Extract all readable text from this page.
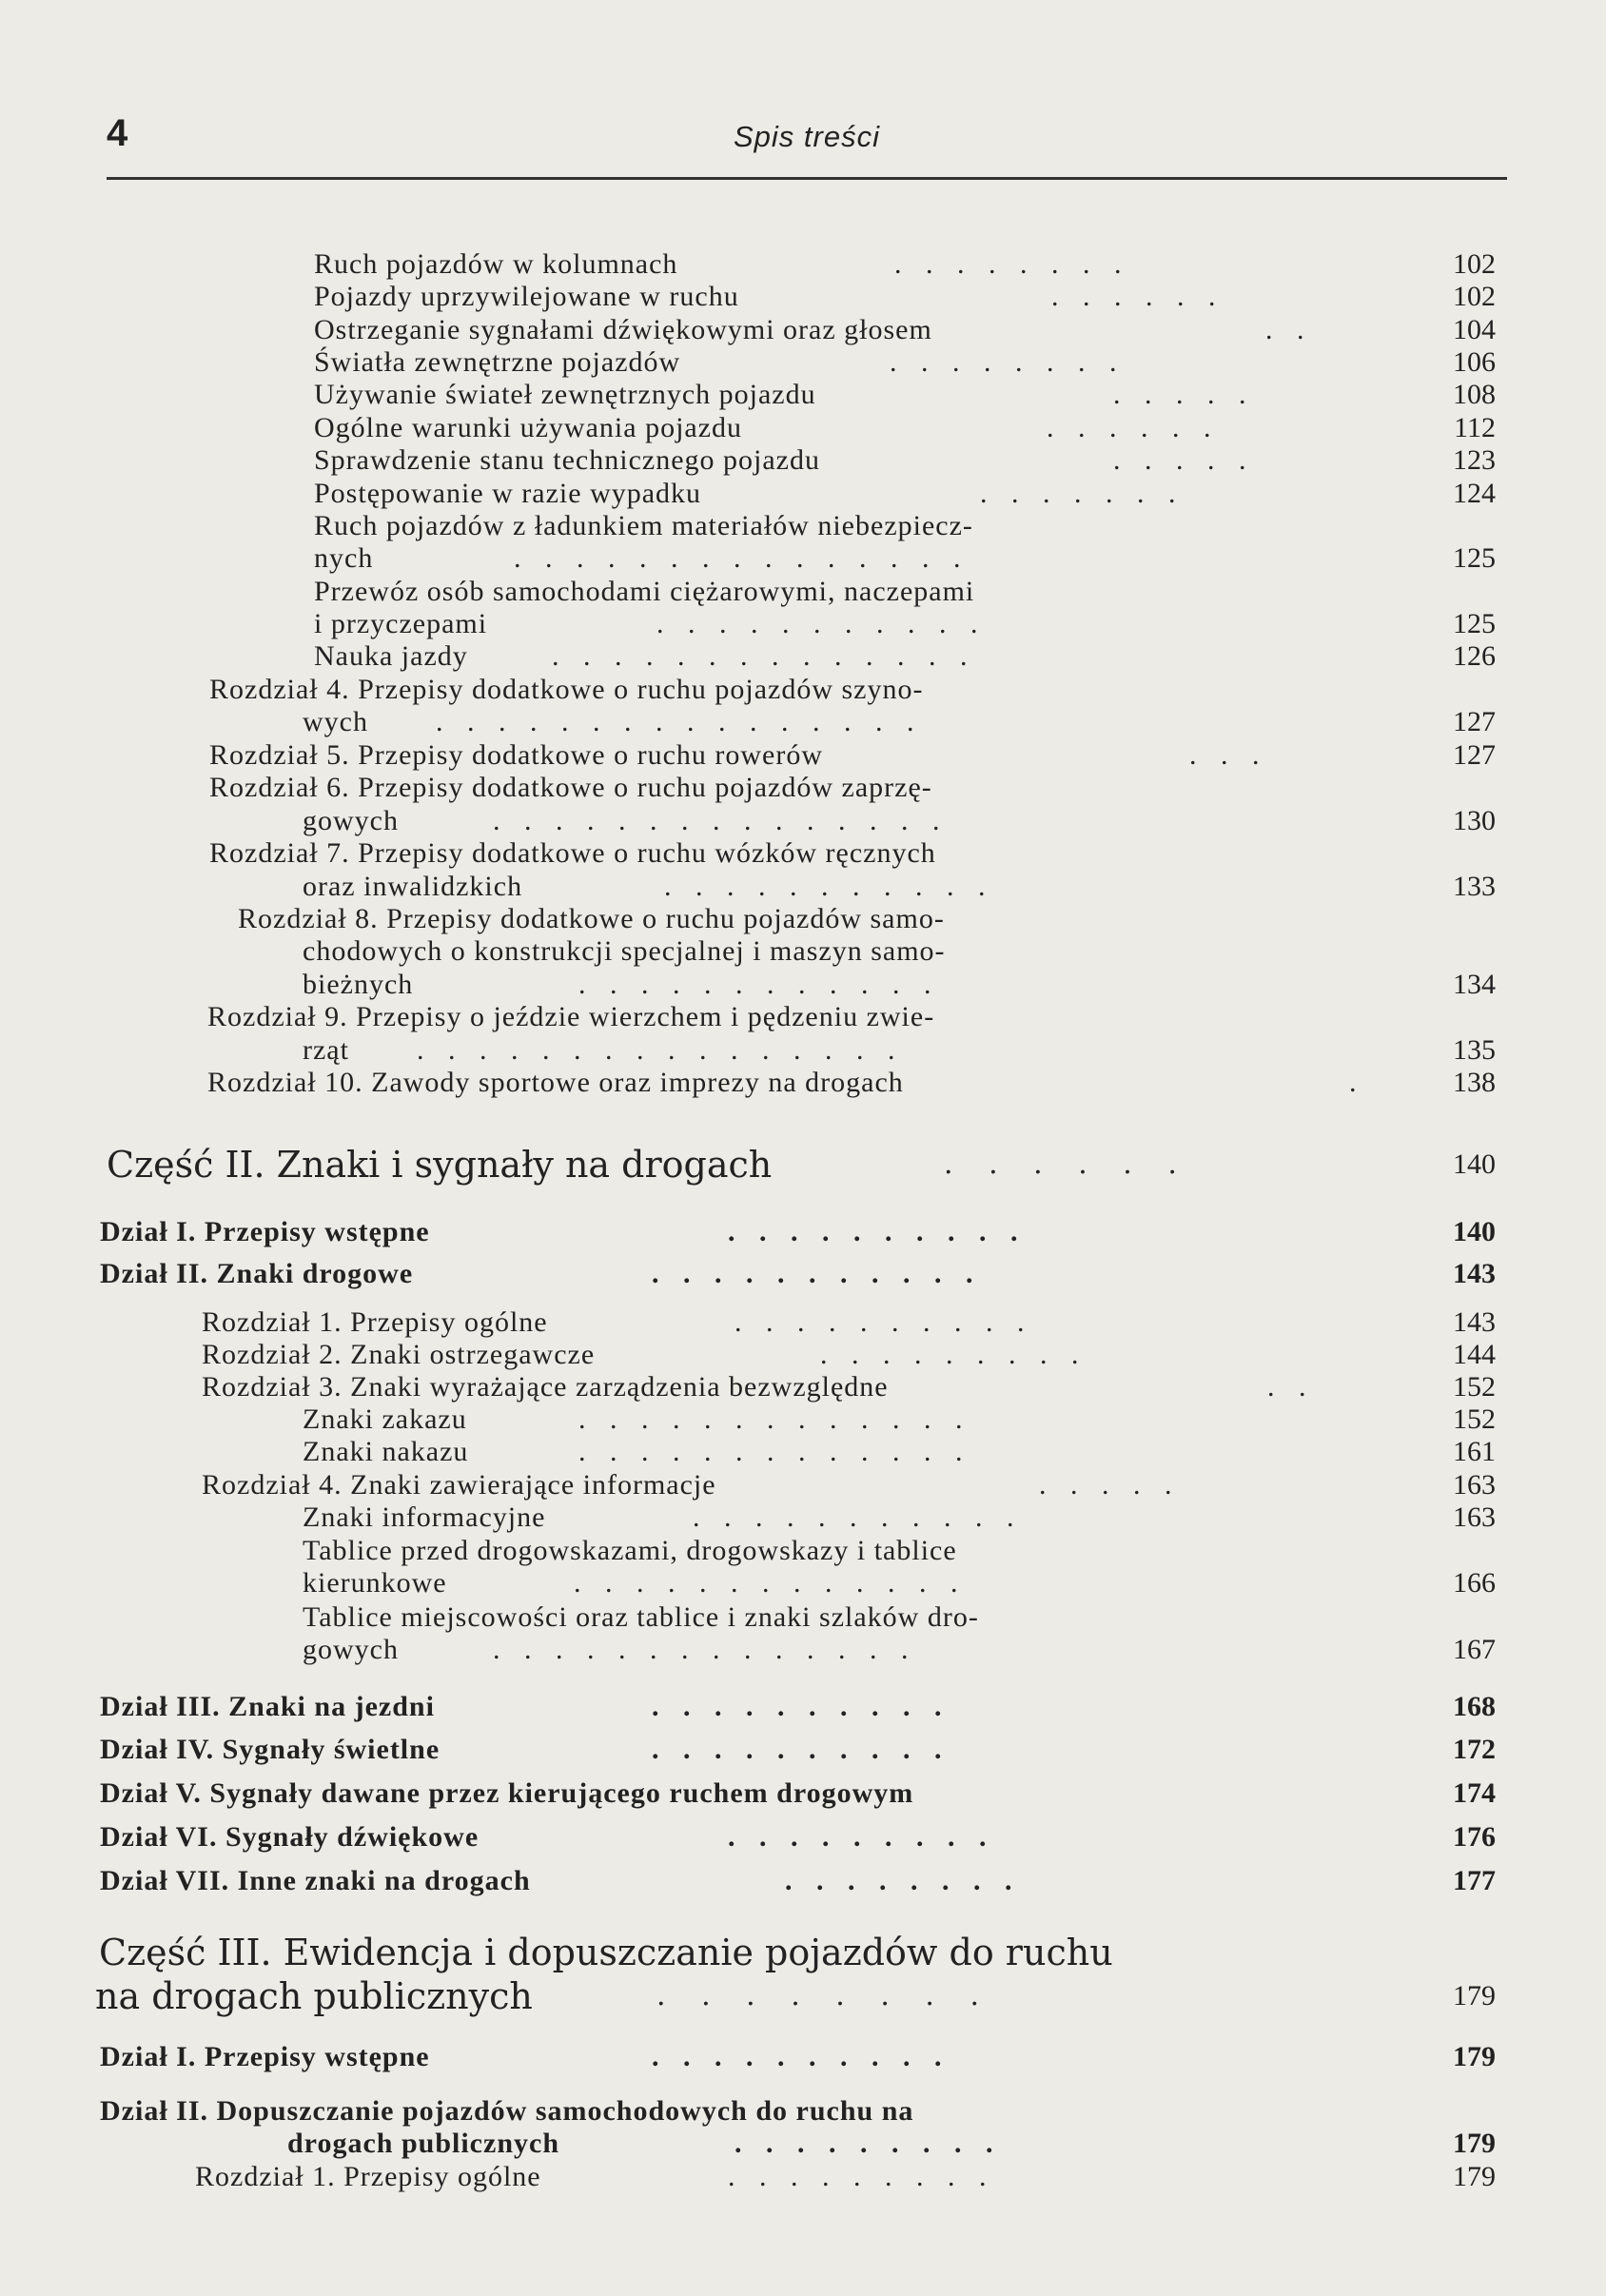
4	Spis treści
Ruch pojazdów w kolumnach	. . . . . . . .	102
Pojazdy uprzywilejowane w ruchu	. . . . . .	102
Ostrzeganie sygnałami dźwiękowymi oraz głosem	. .	104
Światła zewnętrzne pojazdów	. . . . . . . .	106
Używanie świateł zewnętrznych pojazdu	. . . . .	108
Ogólne warunki używania pojazdu	. . . . . .	112
Sprawdzenie stanu technicznego pojazdu	. . . . .	123
Postępowanie w razie wypadku	. . . . . . .	124
Ruch pojazdów z ładunkiem materiałów niebezpiecz-
nych	. . . . . . . . . . . . . . .	125
Przewóz osób samochodami ciężarowymi, naczepami
i przyczepami	. . . . . . . . . . .	125
Nauka jazdy	. . . . . . . . . . . . . .	126
Rozdział 4. Przepisy dodatkowe o ruchu pojazdów szyno-
wych . . . . . . . . . . . . . . . .	127
Rozdział 5. Przepisy dodatkowe o ruchu rowerów	. . .	127
Rozdział 6. Przepisy dodatkowe o ruchu pojazdów zaprzę-
gowych	. . . . . . . . . . . . . . .	130
Rozdział 7. Przepisy dodatkowe o ruchu wózków ręcznych
oraz inwalidzkich	. . . . . . . . . . .	133
Rozdział 8. Przepisy dodatkowe o ruchu pojazdów samo-
chodowych o konstrukcji specjalnej i maszyn samo-
bieżnych	. . . . . . . . . . . .	134
Rozdział 9. Przepisy o jeździe wierzchem i pędzeniu zwie-
rząt . . . . . . . . . . . . . . . .	135
Rozdział 10. Zawody sportowe oraz imprezy na drogach	.	138
Część II. Znaki i sygnały na drogach	. . . . . .	140
Dział I. Przepisy wstępne	. . . . . . . . . .	140
Dział II. Znaki drogowe	. . . . . . . . . . .	143
Rozdział 1. Przepisy ogólne	. . . . . . . . . .	143
Rozdział 2. Znaki ostrzegawcze	. . . . . . . . .	144
Rozdział 3. Znaki wyrażające zarządzenia bezwzględne	. .	152
Znaki zakazu	. . . . . . . . . . . . .	152
Znaki nakazu	. . . . . . . . . . . . .	161
Rozdział 4. Znaki zawierające informacje	. . . . .	163
Znaki informacyjne	. . . . . . . . . . .	163
Tablice przed drogowskazami, drogowskazy i tablice
kierunkowe	. . . . . . . . . . . . .	166
Tablice miejscowości oraz tablice i znaki szlaków dro-
gowych	. . . . . . . . . . . . . .	167
Dział III. Znaki na jezdni	. . . . . . . . . .	168
Dział IV. Sygnały świetlne	. . . . . . . . . .	172
Dział V. Sygnały dawane przez kierującego ruchem drogowym	174
Dział VI. Sygnały dźwiękowe	. . . . . . . . .	176
Dział VII. Inne znaki na drogach	. . . . . . . .	177
Część III. Ewidencja i dopuszczanie pojazdów do ruchu
na drogach publicznych	. . . . . . . .	179
Dział I. Przepisy wstępne	. . . . . . . . . .	179
Dział II. Dopuszczanie pojazdów samochodowych do ruchu na
drogach publicznych	. . . . . . . . .	179
Rozdział 1. Przepisy ogólne	. . . . . . . . .	179
